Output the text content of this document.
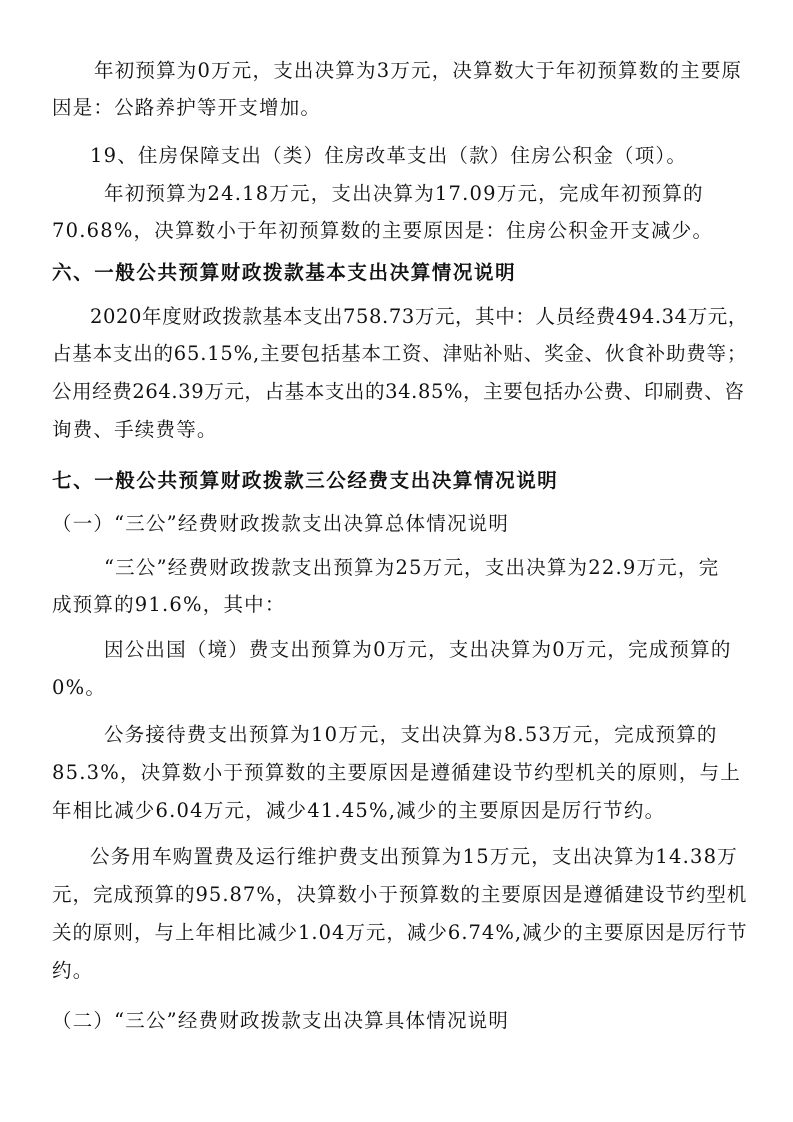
年初预算为0万元，支出决算为3万元，决算数大于年初预算数的主要原
因是：公路养护等开支增加。
19、住房保障支出（类）住房改革支出（款）住房公积金（项）。
年初预算为24.18万元，支出决算为17.09万元，完成年初预算的
70.68%，决算数小于年初预算数的主要原因是：住房公积金开支减少。
六、一般公共预算财政拨款基本支出决算情况说明
2020年度财政拨款基本支出758.73万元，其中：人员经费494.34万元，
占基本支出的65.15%,主要包括基本工资、津贴补贴、奖金、伙食补助费等；
公用经费264.39万元，占基本支出的34.85%，主要包括办公费、印刷费、咨
询费、手续费等。
七、一般公共预算财政拨款三公经费支出决算情况说明
（一）“三公”经费财政拨款支出决算总体情况说明
“三公”经费财政拨款支出预算为25万元，支出决算为22.9万元，完
成预算的91.6%，其中：
因公出国（境）费支出预算为0万元，支出决算为0万元，完成预算的
0%。
公务接待费支出预算为10万元，支出决算为8.53万元，完成预算的
85.3%，决算数小于预算数的主要原因是遵循建设节约型机关的原则，与上
年相比减少6.04万元，减少41.45%,减少的主要原因是厉行节约。
公务用车购置费及运行维护费支出预算为15万元，支出决算为14.38万
元，完成预算的95.87%，决算数小于预算数的主要原因是遵循建设节约型机
关的原则，与上年相比减少1.04万元，减少6.74%,减少的主要原因是厉行节
约。
（二）“三公”经费财政拨款支出决算具体情况说明
